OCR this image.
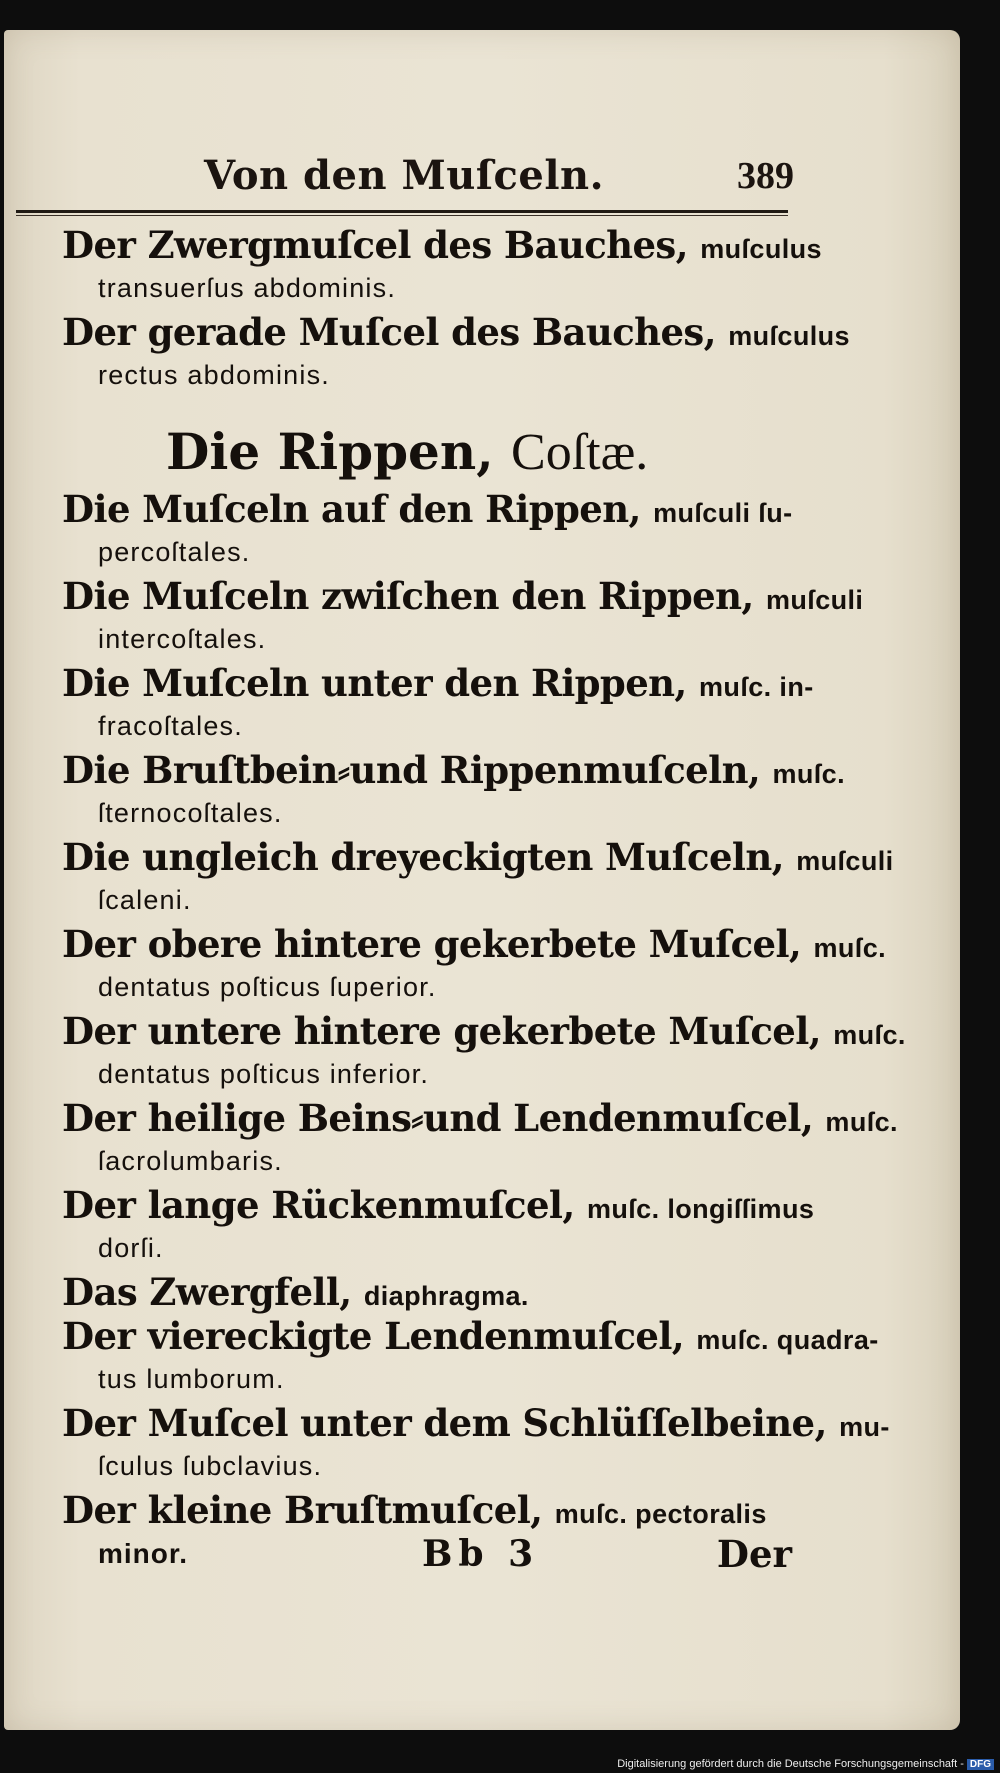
Von den Muſceln.	389
Der Zwergmuſcel des Bauches, muſculus
transuerſus abdominis.
Der gerade Muſcel des Bauches, muſculus
rectus abdominis.
Die Rippen, Coſtæ.
Die Muſceln auf den Rippen, muſculi ſu-
percoſtales.
Die Muſceln zwiſchen den Rippen, muſculi
intercoſtales.
Die Muſceln unter den Rippen, muſc. in-
fracoſtales.
Die Bruſtbein⸗und Rippenmuſceln, muſc.
ſternocoſtales.
Die ungleich dreyeckigten Muſceln, muſculi
ſcaleni.
Der obere hintere gekerbete Muſcel, muſc.
dentatus poſticus ſuperior.
Der untere hintere gekerbete Muſcel, muſc.
dentatus poſticus inferior.
Der heilige Beins⸗und Lendenmuſcel, muſc.
ſacrolumbaris.
Der lange Rückenmuſcel, muſc. longiſſimus
dorſi.
Das Zwergfell, diaphragma.
Der viereckigte Lendenmuſcel, muſc. quadra-
tus lumborum.
Der Muſcel unter dem Schlüſſelbeine, mu-
ſculus ſubclavius.
Der kleine Bruſtmuſcel, muſc. pectoralis
minor.	Bb 3	Der
Digitalisierung gefördert durch die Deutsche Forschungsgemeinschaft - DFG
